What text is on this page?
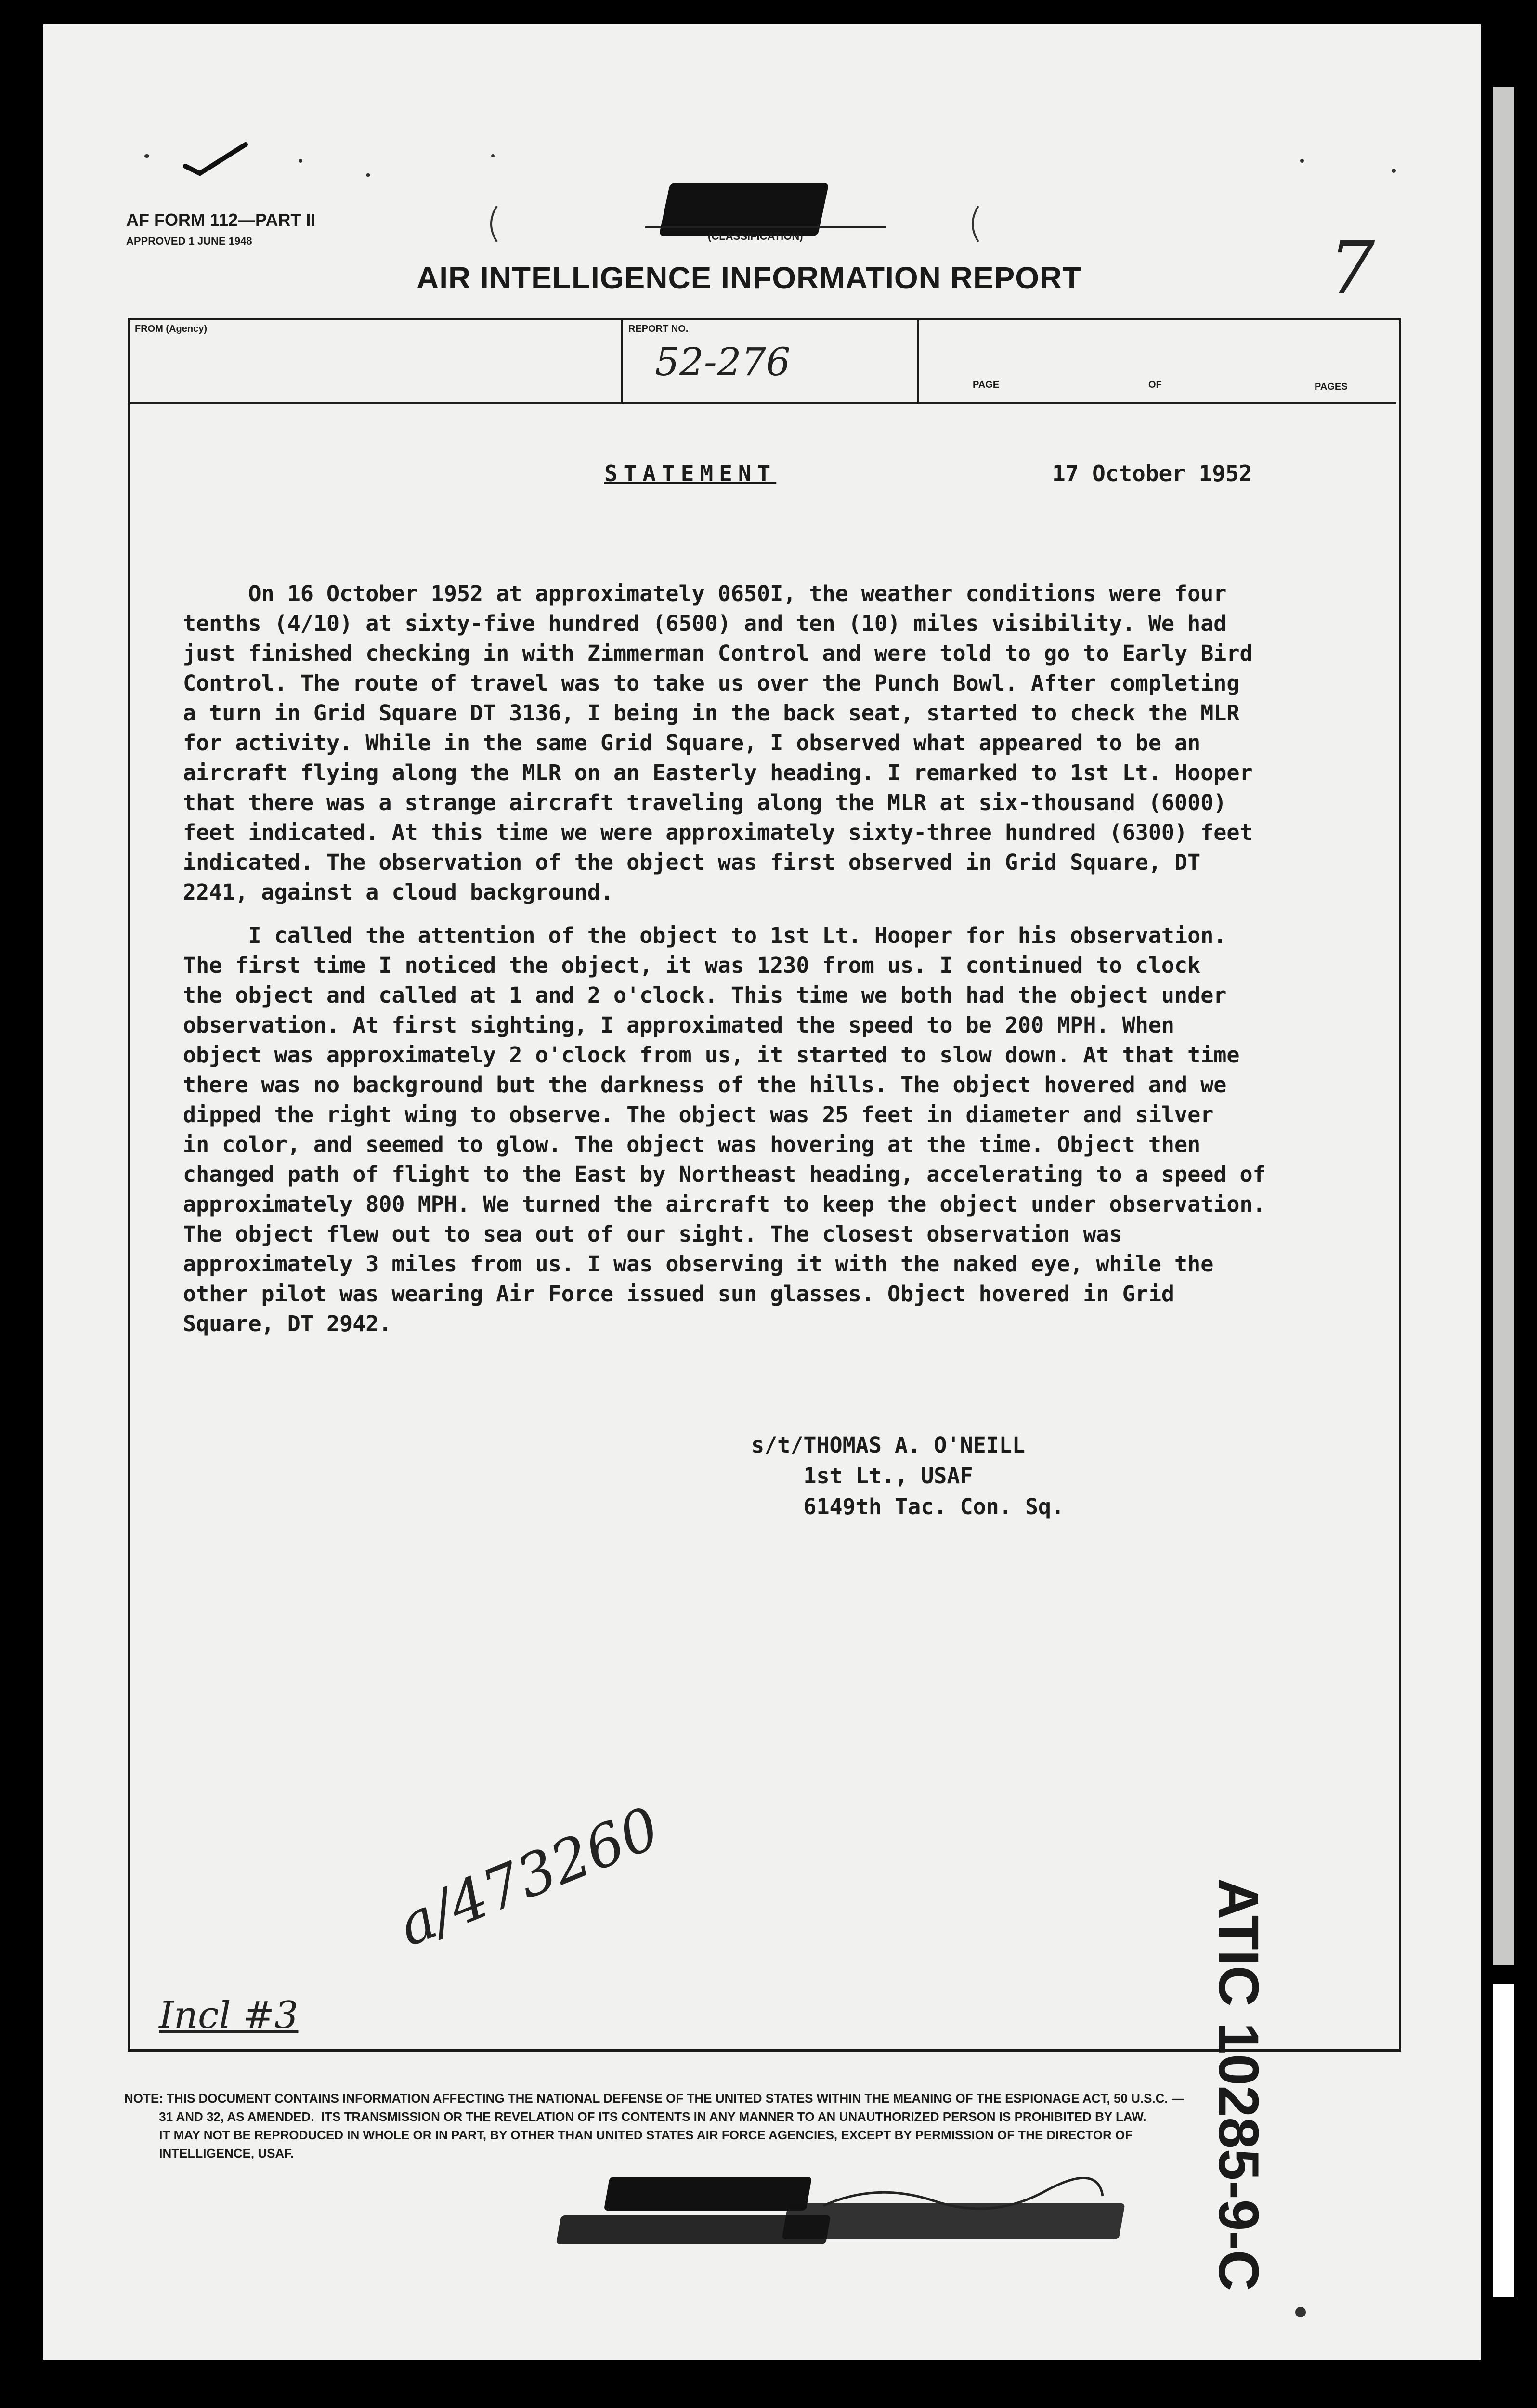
AF FORM 112—PART II
APPROVED 1 JUNE 1948	(CLASSIFICATION)
AIR INTELLIGENCE INFORMATION REPORT	7
FROM (Agency)	REPORT NO.
52-276
PAGE	OF	PAGES
STATEMENT	17 October 1952

On 16 October 1952 at approximately 0650I, the weather conditions were four
tenths (4/10) at sixty-five hundred (6500) and ten (10) miles visibility. We had
just finished checking in with Zimmerman Control and were told to go to Early Bird
Control. The route of travel was to take us over the Punch Bowl. After completing
a turn in Grid Square DT 3136, I being in the back seat, started to check the MLR
for activity. While in the same Grid Square, I observed what appeared to be an
aircraft flying along the MLR on an Easterly heading. I remarked to 1st Lt. Hooper
that there was a strange aircraft traveling along the MLR at six-thousand (6000)
feet indicated. At this time we were approximately sixty-three hundred (6300) feet
indicated. The observation of the object was first observed in Grid Square, DT
2241, against a cloud background.

I called the attention of the object to 1st Lt. Hooper for his observation.
The first time I noticed the object, it was 1230 from us. I continued to clock
the object and called at 1 and 2 o'clock. This time we both had the object under
observation. At first sighting, I approximated the speed to be 200 MPH. When
object was approximately 2 o'clock from us, it started to slow down. At that time
there was no background but the darkness of the hills. The object hovered and we
dipped the right wing to observe. The object was 25 feet in diameter and silver
in color, and seemed to glow. The object was hovering at the time. Object then
changed path of flight to the East by Northeast heading, accelerating to a speed of
approximately 800 MPH. We turned the aircraft to keep the object under observation.
The object flew out to sea out of our sight. The closest observation was
approximately 3 miles from us. I was observing it with the naked eye, while the
other pilot was wearing Air Force issued sun glasses. Object hovered in Grid
Square, DT 2942.

s/t/THOMAS A. O'NEILL
1st Lt., USAF
6149th Tac. Con. Sq.

a/473260
ATIC 10285-9-C
Incl #3

NOTE: THIS DOCUMENT CONTAINS INFORMATION AFFECTING THE NATIONAL DEFENSE OF THE UNITED STATES WITHIN THE MEANING OF THE ESPIONAGE ACT, 50 U.S.C. —
31 AND 32, AS AMENDED.  ITS TRANSMISSION OR THE REVELATION OF ITS CONTENTS IN ANY MANNER TO AN UNAUTHORIZED PERSON IS PROHIBITED BY LAW.
IT MAY NOT BE REPRODUCED IN WHOLE OR IN PART, BY OTHER THAN UNITED STATES AIR FORCE AGENCIES, EXCEPT BY PERMISSION OF THE DIRECTOR OF
INTELLIGENCE, USAF.
